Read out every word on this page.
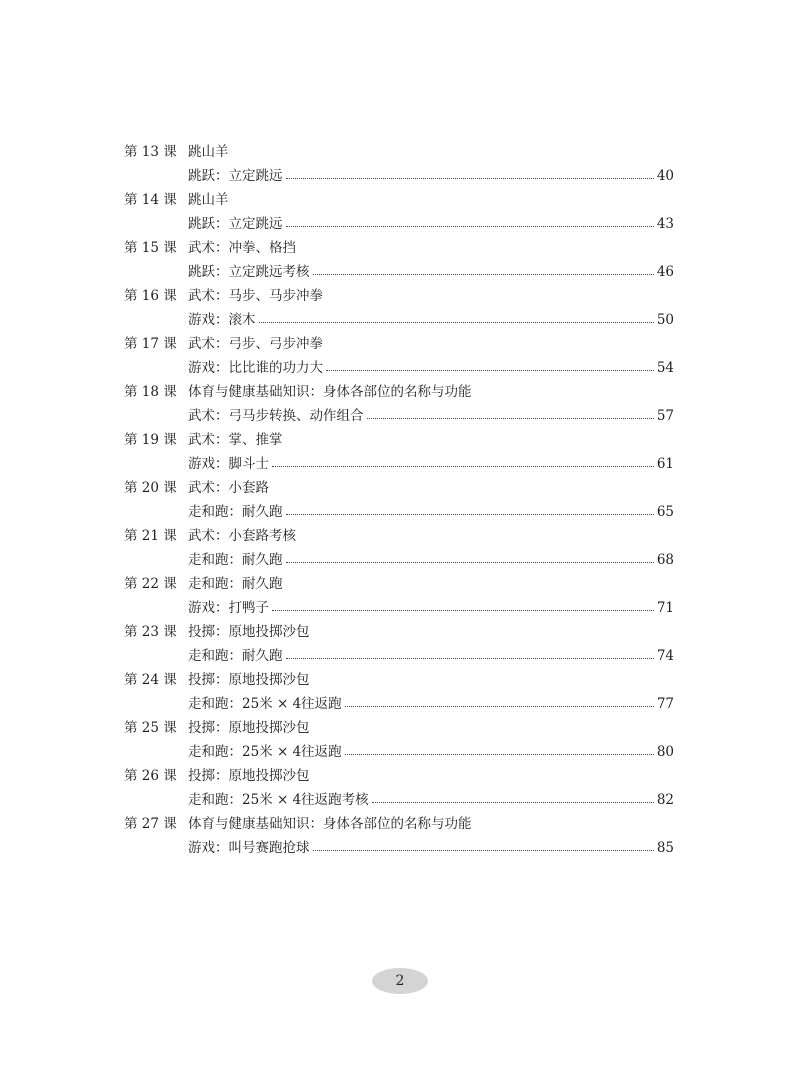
第 13 课 跳山羊
跳跃：立定跳远	40
第 14 课 跳山羊
跳跃：立定跳远	43
第 15 课 武术：冲拳、格挡
跳跃：立定跳远考核	46
第 16 课 武术：马步、马步冲拳
游戏：滚木	50
第 17 课 武术：弓步、弓步冲拳
游戏：比比谁的功力大	54
第 18 课 体育与健康基础知识：身体各部位的名称与功能
武术：弓马步转换、动作组合	57
第 19 课 武术：掌、推掌
游戏：脚斗士	61
第 20 课 武术：小套路
走和跑：耐久跑	65
第 21 课 武术：小套路考核
走和跑：耐久跑	68
第 22 课 走和跑：耐久跑
游戏：打鸭子	71
第 23 课 投掷：原地投掷沙包
走和跑：耐久跑	74
第 24 课 投掷：原地投掷沙包
走和跑：25米 × 4往返跑	77
第 25 课 投掷：原地投掷沙包
走和跑：25米 × 4往返跑	80
第 26 课 投掷：原地投掷沙包
走和跑：25米 × 4往返跑考核	82
第 27 课 体育与健康基础知识：身体各部位的名称与功能
游戏：叫号赛跑抢球	85
2
